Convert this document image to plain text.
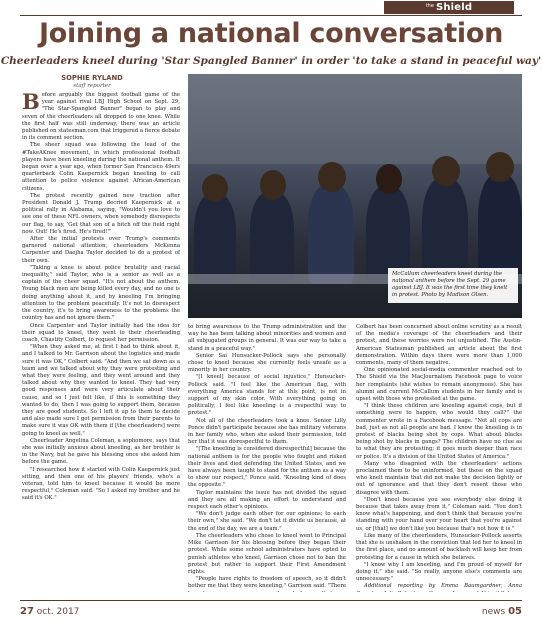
the Shield
Joining a national conversation
Cheerleaders kneel during 'Star Spangled Banner' in order 'to take a stand in peaceful way'
SOPHIE RYLAND
staff reporter
McCallum cheerleaders kneel during the national anthem before the Sept. 29 game against LBJ. It was the first time they knelt in protest. Photo by Madison Olsen.
B efore arguably the biggest football game of the year against rival LBJ High School on Sept. 29, "The Star-Spangled Banner" began to play and seven of the cheerleaders all dropped to one knee. While the first half was still underway, there was an article published on statesman.com that triggered a fierce debate in its comment section.

The sheer squad was following the lead of the #TakeAKnee movement, in which professional football players have been kneeling during the national anthem. It began over a year ago, when former San Francisco 49ers quarterback Colin Kaepernick began kneeling to call attention to police violence against African-American citizens.

The protest recently gained new traction after President Donald J. Trump decried Kaepernick at a political rally in Alabama, saying, "Wouldn't you love to see one of these NFL owners, when somebody disrespects our flag, to say, 'Get that son of a bitch off the field right now. Out! He's fired. He's fired!'"

After the initial protests over Trump's comments garnered national attention, cheerleaders McKenna Carpenter and Daejha Taylor decided to do a protest of their own.

"Taking a knee is about police brutality and racial inequality," said Taylor, who is a senior as well as a captain of the cheer squad. "It's not about the anthem. Young black men are being killed every day, and no one is doing anything about it, and by kneeling I'm bringing attention to the problem peacefully. It's not to disrespect the country, it's to bring awareness to the problems the country has and not ignore them."

Once Carpenter and Taylor initially had the idea for their squad to kneel, they went to their cheerleading coach, Chastity Colbert, to request her permission.

"When they asked me, at first I had to think about it, and I talked to Mr. Garrison about the logistics and made sure it was OK," Colbert said. "And then we sat down as a team and we talked about why they were protesting and what they were feeling, and they went around and they talked about why they wanted to kneel. They had very good responses and were very articulate about their cause, and so I just felt like, if this is something they wanted to do, then I was going to support them, because they are good students. So I left it up to them to decide and also made sure I got permission from their parents to make sure it was OK with them if [the cheerleaders] were going to kneel as well."

Cheerleader Angelina Coleman, a sophomore, says that she was initially anxious about kneeling, as her brother is in the Navy, but he gave his blessing once she asked him before the game.

"I researched how it started with Colin Kaepernick just sitting, and then one of his players' friends, who's a veteran, told him to kneel because it would be more respectful," Coleman said. "So I asked my brother and he said it's OK."

to bring awareness to the Trump administration and the way he has been talking about minorities and women and all subjugated groups in general. It was our way to take a stand in a peaceful way."

Senior Sai Hunsucker-Pollock says she personally chose to kneel because she currently feels unsafe as a minority in her country.

"[I kneel] because of social injustice," Hunsucker-Pollock said. "I feel like the American flag, with everything America stands for at this point, is not in support of my skin color. With everything going on politically, I feel like kneeling is a respectful way to protest."

Not all of the cheerleaders took a knee. Senior Lilly Ponce didn't participate because she has military veterans in her family who, when she asked their permission, told her that it was disrespectful to them.

"[The kneeling is considered disrespectful] because the national anthem is for the people who fought and risked their lives and died defending the United States, and we have always been taught to stand for the anthem as a way to show our respect," Ponce said. "Kneeling kind of does the opposite."

Taylor maintains the issue has not divided the squad and they are all making an effort to understand and respect each other's opinions.

"We don't judge each other for our opinions; to each their own," she said. "We don't let it divide us because, at the end of the day, we are a team."

The cheerleaders who chose to kneel went to Principal Mike Garrison for his blessing before they began their protest. While some school administrators have opted to punish athletes who kneel, Garrison chose not to ban the protest but rather to support their First Amendment rights.

"People have rights to freedom of speech, so it didn't bother me that they were kneeling," Garrison said. "There

Colbert has been concerned about online scrutiny as a result of the media's coverage of the cheerleaders and their protest, and these worries were not unjustified. The Austin-American Statesman published an article about the first demonstration. Within days there were more than 1,000 comments, many of them negative.

One opinionated social-media commenter reached out to The Shield via the MacJournalism Facebook page to voice her complaints (she wishes to remain anonymous). She has alumni and current McCallum students in her family and is upset with those who protested at the game.

"I think these children are kneeling against cops, but if something were to happen, who would they call?" the commenter wrote in a Facebook message. "Not all cops are bad, just as not all people are bad. I know the kneeling is in protest of blacks being shot by cops. What about blacks being shot by blacks in gangs? The children have no clue as to what they are protesting; it goes much deeper than race or police. It's a division of the United States of America."

Many who disagreed with the cheerleaders' actions proclaimed them to be uninformed, but those on the squad who knelt maintain that did not make the decision lightly or out of ignorance and that they don't resent those who disagree with them.

"Don't kneel because you see everybody else doing it because that takes away from it," Coleman said. "You don't know what's happening, and don't think that because you're standing with your hand over your heart that you're against us, or [that] we don't like you because that's not how it is."

Like many of the cheerleaders, Hunsucker-Pollock asserts that she is unshaken in the conviction that led her to kneel in the first place, and no amount of backlash will keep her from protesting for a cause in which she believes.

"I know why I am kneeling, and I'm proud of myself for doing it," she said. "So really, anyone else's comments are unnecessary."

Additional reporting by Emma Baumgardner, Anna

27 oct. 2017	news 05
